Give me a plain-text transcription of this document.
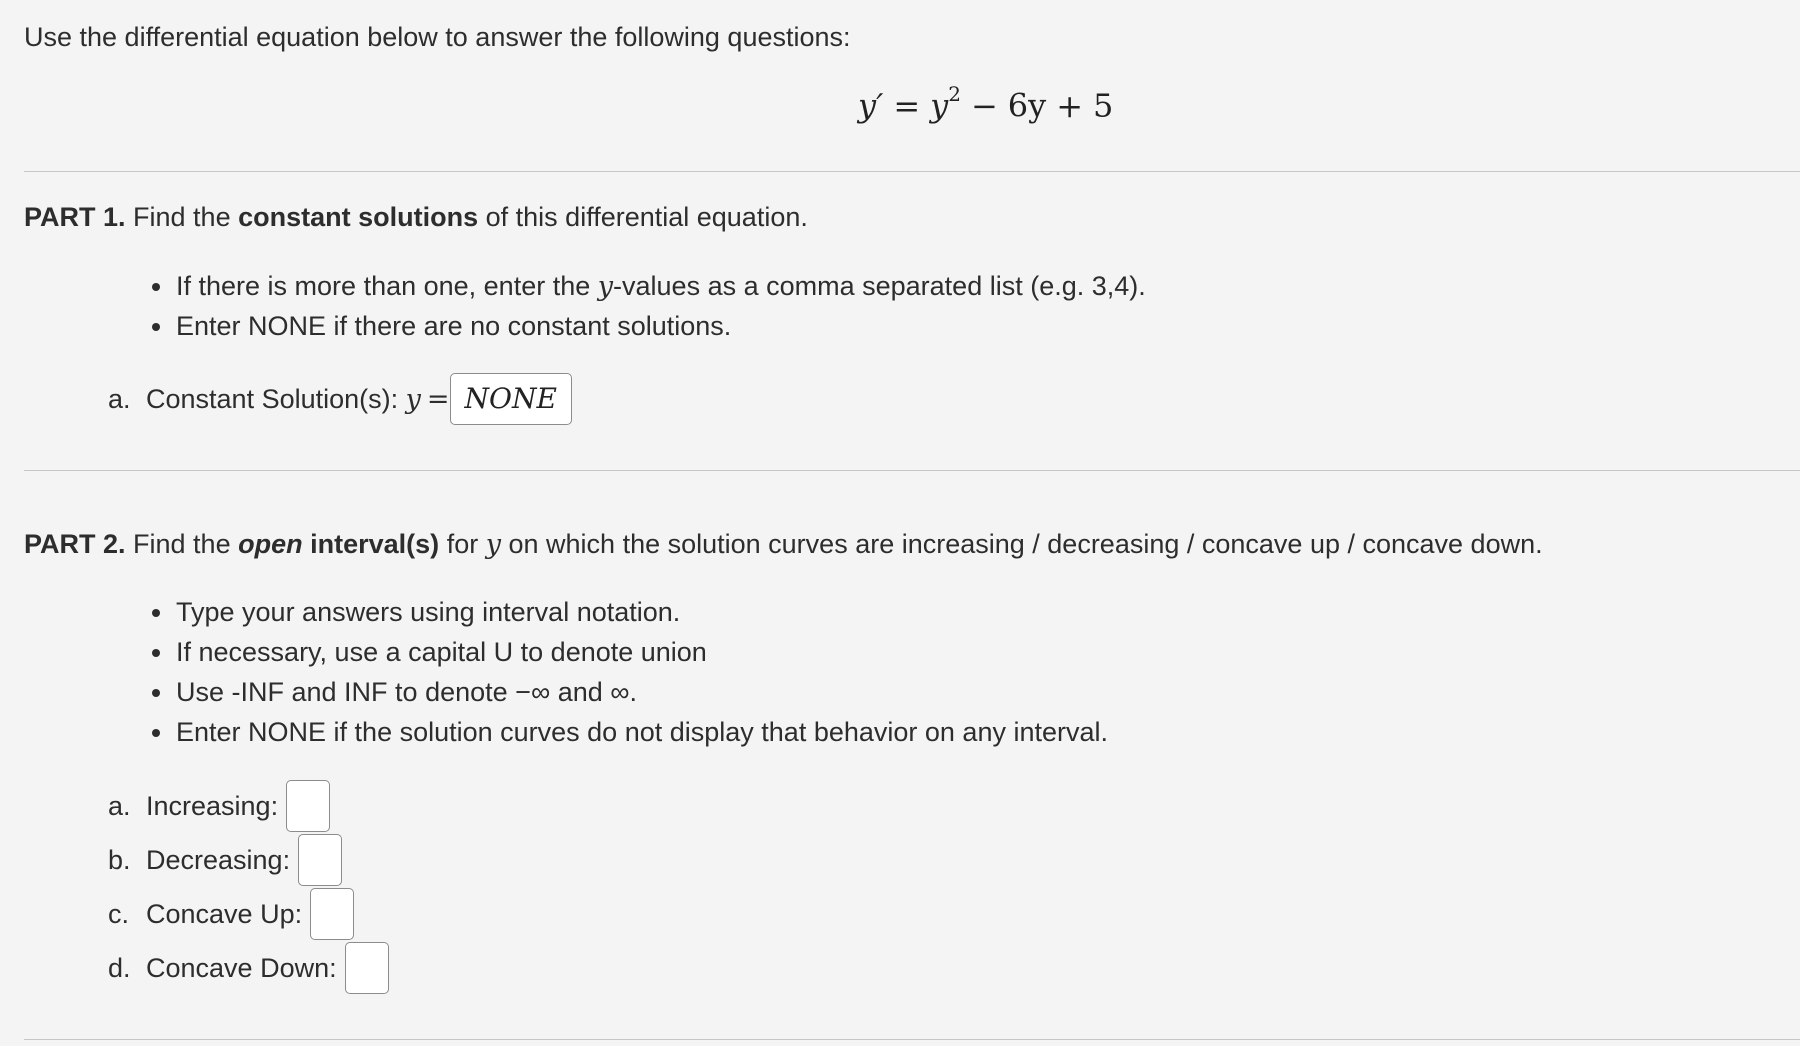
Use the differential equation below to answer the following questions:
$y' = y^2 - 6y + 5$
PART 1. Find the constant solutions of this differential equation.
If there is more than one, enter the y-values as a comma separated list (e.g. 3,4).
Enter NONE if there are no constant solutions.
a. Constant Solution(s):
y = NONE
PART 2. Find the open interval(s) for y on which the solution curves are increasing / decreasing / concave up / concave down.
Type your answers using interval notation.
If necessary, use a capital U to denote union
Use -INF and INF to denote −∞ and ∞.
Enter NONE if the solution curves do not display that behavior on any interval.
a. Increasing:
b. Decreasing:
c. Concave Up:
d. Concave Down:
